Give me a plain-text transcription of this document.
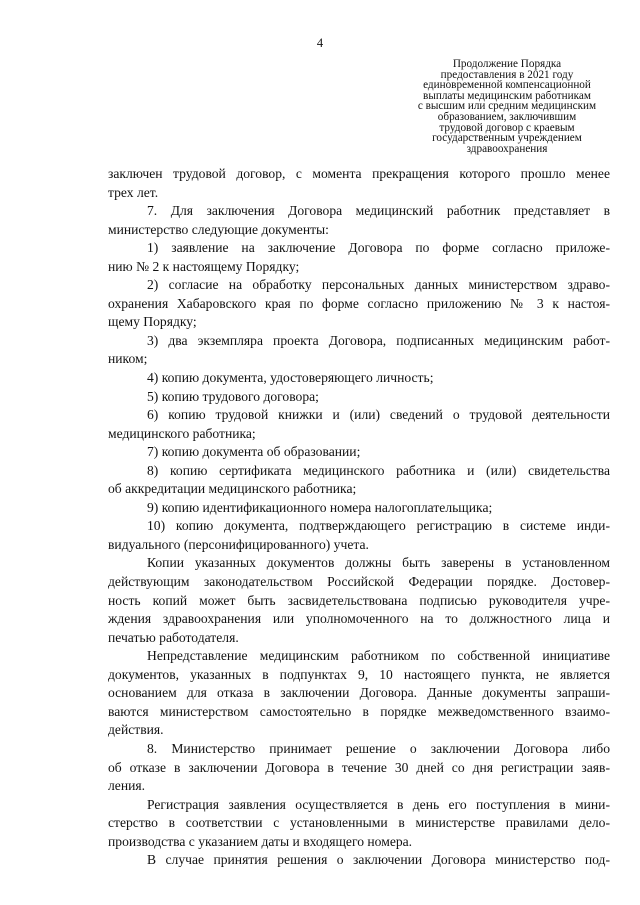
4
Продолжение Порядка
предоставления в 2021 году
единовременной компенсационной
выплаты медицинским работникам
с высшим или средним медицинским
образованием, заключившим
трудовой договор с краевым
государственным учреждением
здравоохранения
заключен трудовой договор, с момента прекращения которого прошло менее
трех лет.
7. Для заключения Договора медицинский работник представляет в
министерство следующие документы:
1) заявление на заключение Договора по форме согласно приложе-
нию № 2 к настоящему Порядку;
2) согласие на обработку персональных данных министерством здраво-
охранения Хабаровского края по форме согласно приложению № 3 к настоя-
щему Порядку;
3) два экземпляра проекта Договора, подписанных медицинским работ-
ником;
4) копию документа, удостоверяющего личность;
5) копию трудового договора;
6) копию трудовой книжки и (или) сведений о трудовой деятельности
медицинского работника;
7) копию документа об образовании;
8) копию сертификата медицинского работника и (или) свидетельства
об аккредитации медицинского работника;
9) копию идентификационного номера налогоплательщика;
10) копию документа, подтверждающего регистрацию в системе инди-
видуального (персонифицированного) учета.
Копии указанных документов должны быть заверены в установленном
действующим законодательством Российской Федерации порядке. Достовер-
ность копий может быть засвидетельствована подписью руководителя учре-
ждения здравоохранения или уполномоченного на то должностного лица и
печатью работодателя.
Непредставление медицинским работником по собственной инициативе
документов, указанных в подпунктах 9, 10 настоящего пункта, не является
основанием для отказа в заключении Договора. Данные документы запраши-
ваются министерством самостоятельно в порядке межведомственного взаимо-
действия.
8. Министерство принимает решение о заключении Договора либо
об отказе в заключении Договора в течение 30 дней со дня регистрации заяв-
ления.
Регистрация заявления осуществляется в день его поступления в мини-
стерство в соответствии с установленными в министерстве правилами дело-
производства с указанием даты и входящего номера.
В случае принятия решения о заключении Договора министерство под-
